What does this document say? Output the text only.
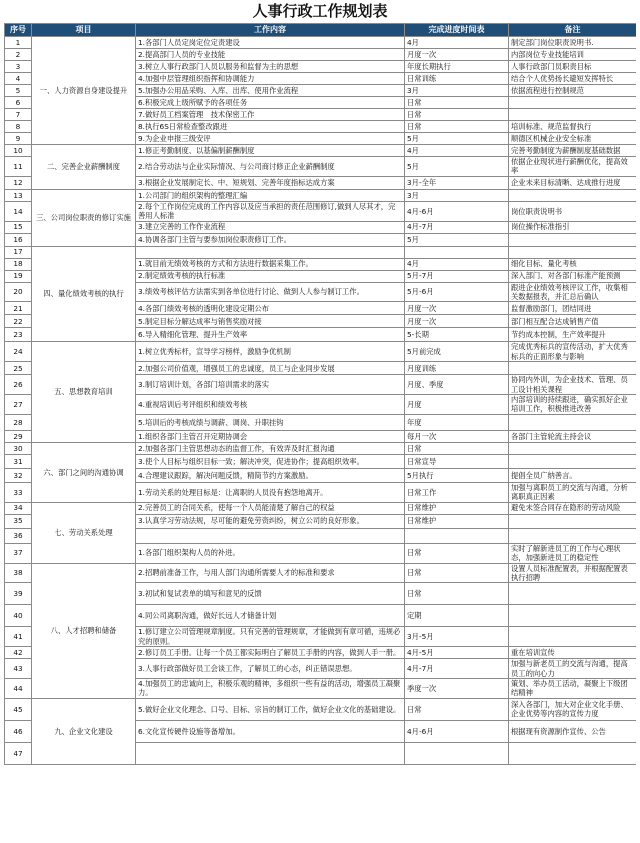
人事行政工作规划表
序号	项目	工作内容	完成进度时间表	备注
1	一、人力资源自身建设提升	1.各部门人员定岗定位定责建设	4月	制定部门岗位职责说明书.
2		2.提高部门人员的专业技能	月度一次	内部岗位专业技能培训
3		3.树立人事行政部门人员以服务和监督为主的思想	年度长期执行	人事行政部门员职责目标
4		4.加强中层管理组织指挥和协调能力	日常训练	结合个人优势扬长避短发挥特长
5		5.加强办公用品采购、入库、出库、使用作业流程	3月	依据流程进行控制规范
6		6.积极完成上级所赋予的各项任务	日常	
7		7.做好员工档案管理　技术保密工作	日常	
8		8.执行6S日常检查整改跟进	日常	培训标准、规范监督执行
9		9.为企业申报三级安评	5月	顺德区机械企业安全标准
10	二、完善企业薪酬制度	1.修正考勤制度、以基偏制薪酬制度	4月	完善考勤制度为薪酬制度基础数据
11		2.结合劳动法与企业实际情况、与公司商讨修正企业薪酬制度	5月	依据企业现状进行薪酬优化，提高效率
12		3.根据企业发展制定长、中、短规划、完善年度指标达成方案	3月-全年	企业未来目标清晰、达成推行进度
13	三、公司岗位职责的修订实施	1.公司部门的组织架构的整理汇编	3月	
14		2.每个工作岗位完成的工作内容以及应当承担的责任范围修订,做到人尽其才，完善用人标准	4月-6月	岗位职责说明书
15		3.建立完善的工作作业流程	4月-7月	岗位操作标准指引
16		4.协调各部门主管与要参加岗位职责修订工作。	5月	
17	四、量化绩效考核的执行			
18		1.就目前无绩效考核的方式和方法进行数据采集工作。	4月	细化目标、量化考核
19		2.制定绩效考核的执行标准	5月-7月	深入部门、对各部门标准产能预测
20		3.绩效考核评估方法需实到各单位进行讨论、做到人人参与制订工作。	5月-6月	跟进企业绩效考核评议工作，收集相关数据报表，并汇总后确认
21		4.各部门绩效考核的透明化建设定期公布	月度一次	监督激励部门，团结同进
22		5.制定目标分解达成率与销售奖励对接	月度一次	部门相互配合达成销售产值
23		6.导入精细化管理、提升生产效率	5-长期	节约成本控制，生产效率提升
24	五、思想教育培训	1.树立优秀标杆，宣导学习榜样，激励争优机制	5月前完成	完成优秀标兵的宣传活动，扩大优秀标兵的正面形象与影响
25		2.加强公司价值观，增强员工的忠诚度，员工与企业同步发展	月度训练	
26		3.制订培训计划，各部门培训需求的落实	月度、季度	协同内外训，为企业技术、管理、员工设计相关课程
27		4.重视培训后考评组织和绩效考核	月度	内部培训的持续跟进，确实抓好企业培训工作，积极推进改善
28		5.培训后的考核成绩与调薪、调岗、升职挂钩	年度	
29		1.组织各部门主管召开定期协调会	每月一次	各部门主管轮流主持会议
30	六、部门之间的沟通协调	2.加强各部门主管思想动态的监督工作，有效弄及时汇报沟通	日常	
31		3.使个人目标与组织目标一致；解决冲突，促进协作；提高组织效率。	日常宣导	
32		4.合理建议跟踪，解决问题反馈，精简节约方案激励。	5月执行	提倡全员广纳善言。
33		1.劳动关系的处理目标是：让离职的人员没有抱怨地离开。	日常工作	加强与离职员工的交流与沟通，分析离职真正因素
34	七、劳动关系处理	2.完善员工的合同关系，使每一个人员能清楚了解自己的权益	日常维护	避免未签合同存在隐形的劳动风险
35		3.认真学习劳动法规，尽可能的避免劳资纠纷，树立公司的良好形象。	日常维护	
36				
37		1.各部门组织架构人员的补进。	日常	实时了解新进员工的工作与心理状态，加强新进员工的稳定性
38	八、人才招聘和储备	2.招聘前准备工作，与用人部门沟通所需要人才的标准和要求	日常	设置人员标准配置表，并根据配置表执行招聘
39		3.初试和复试表单的填写和意见的反馈	日常	
40		4.同公司离职沟通，做好长远人才储备计划	定期	
41		1.修订建立公司管理规章制度。只有完善的管理规章，才能做到有章可循，违规必究的原则。	3月-5月	
42		2.修订员工手册。让每一个员工都实际明白了解员工手册的内容，做到人手一册。	4月-5月	重在培训宣传
43		3.人事行政部做好员工会谈工作，了解员工的心态，纠正错误思想。	4月-7月	加强与新老员工的交流与沟通，提高员工的向心力
44		4.加强员工的忠诚向上，积极乐观的精神，多组织一些有益的活动，增强员工凝聚力。	季度一次	策划、举办员工活动，凝聚上下级团结精神
45	九、企业文化建设	5.做好企业文化理念、口号、目标、宗旨的制订工作，做好企业文化的基础建设。	日常	深入各部门，加大对企业文化手册、企业优势等内容的宣传力度
46		6.文化宣传硬件设施等备增加。	4月-6月	根据现有资源制作宣传、公告
47				
